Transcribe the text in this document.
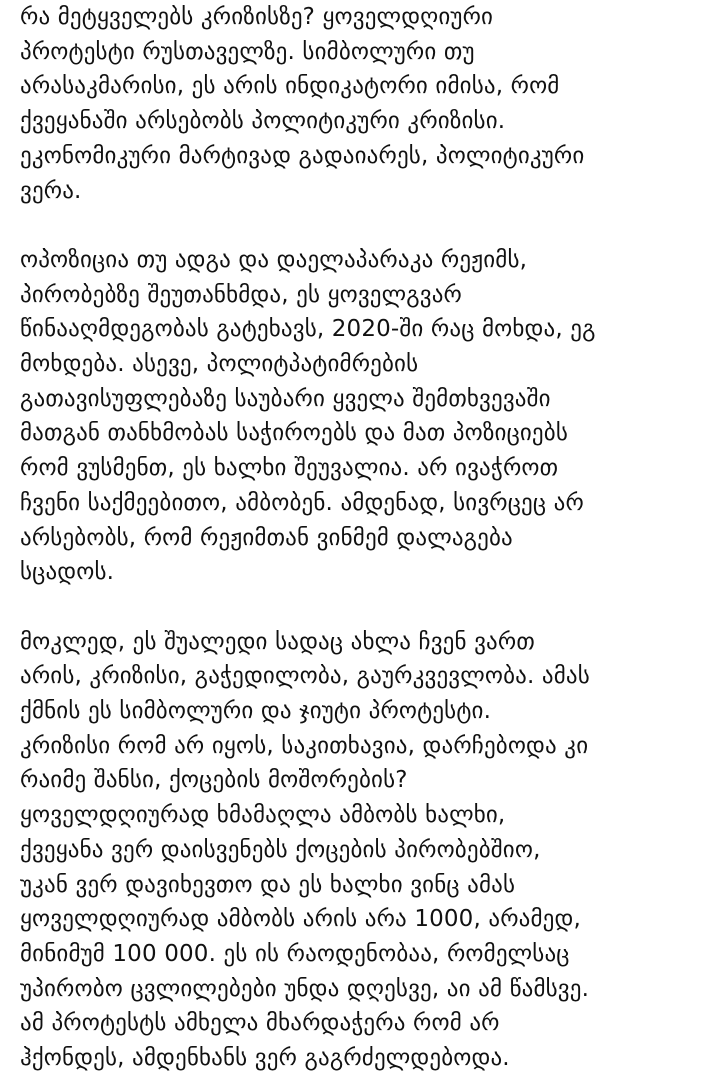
რა მეტყველებს კრიზისზე? ყოველდღიური
პროტესტი რუსთაველზე. სიმბოლური თუ
არასაკმარისი, ეს არის ინდიკატორი იმისა, რომ
ქვეყანაში არსებობს პოლიტიკური კრიზისი.
ეკონომიკური მარტივად გადაიარეს, პოლიტიკური
ვერა.
ოპოზიცია თუ ადგა და დაელაპარაკა რეჟიმს,
პირობებზე შეუთანხმდა, ეს ყოველგვარ
წინააღმდეგობას გატეხავს, 2020-ში რაც მოხდა, ეგ
მოხდება. ასევე, პოლიტპატიმრების
გათავისუფლებაზე საუბარი ყველა შემთხვევაში
მათგან თანხმობას საჭიროებს და მათ პოზიციებს
რომ ვუსმენთ, ეს ხალხი შეუვალია. არ ივაჭროთ
ჩვენი საქმეებითო, ამბობენ. ამდენად, სივრცეც არ
არსებობს, რომ რეჟიმთან ვინმემ დალაგება
სცადოს.
მოკლედ, ეს შუალედი სადაც ახლა ჩვენ ვართ
არის, კრიზისი, გაჭედილობა, გაურკვევლობა. ამას
ქმნის ეს სიმბოლური და ჯიუტი პროტესტი.
კრიზისი რომ არ იყოს, საკითხავია, დარჩებოდა კი
რაიმე შანსი, ქოცების მოშორების?
ყოველდღიურად ხმამაღლა ამბობს ხალხი,
ქვეყანა ვერ დაისვენებს ქოცების პირობებშიო,
უკან ვერ დავიხევთო და ეს ხალხი ვინც ამას
ყოველდღიურად ამბობს არის არა 1000, არამედ,
მინიმუმ 100 000. ეს ის რაოდენობაა, რომელსაც
უპირობო ცვლილებები უნდა დღესვე, აი ამ წამსვე.
ამ პროტესტს ამხელა მხარდაჭერა რომ არ
ჰქონდეს, ამდენხანს ვერ გაგრძელდებოდა.
